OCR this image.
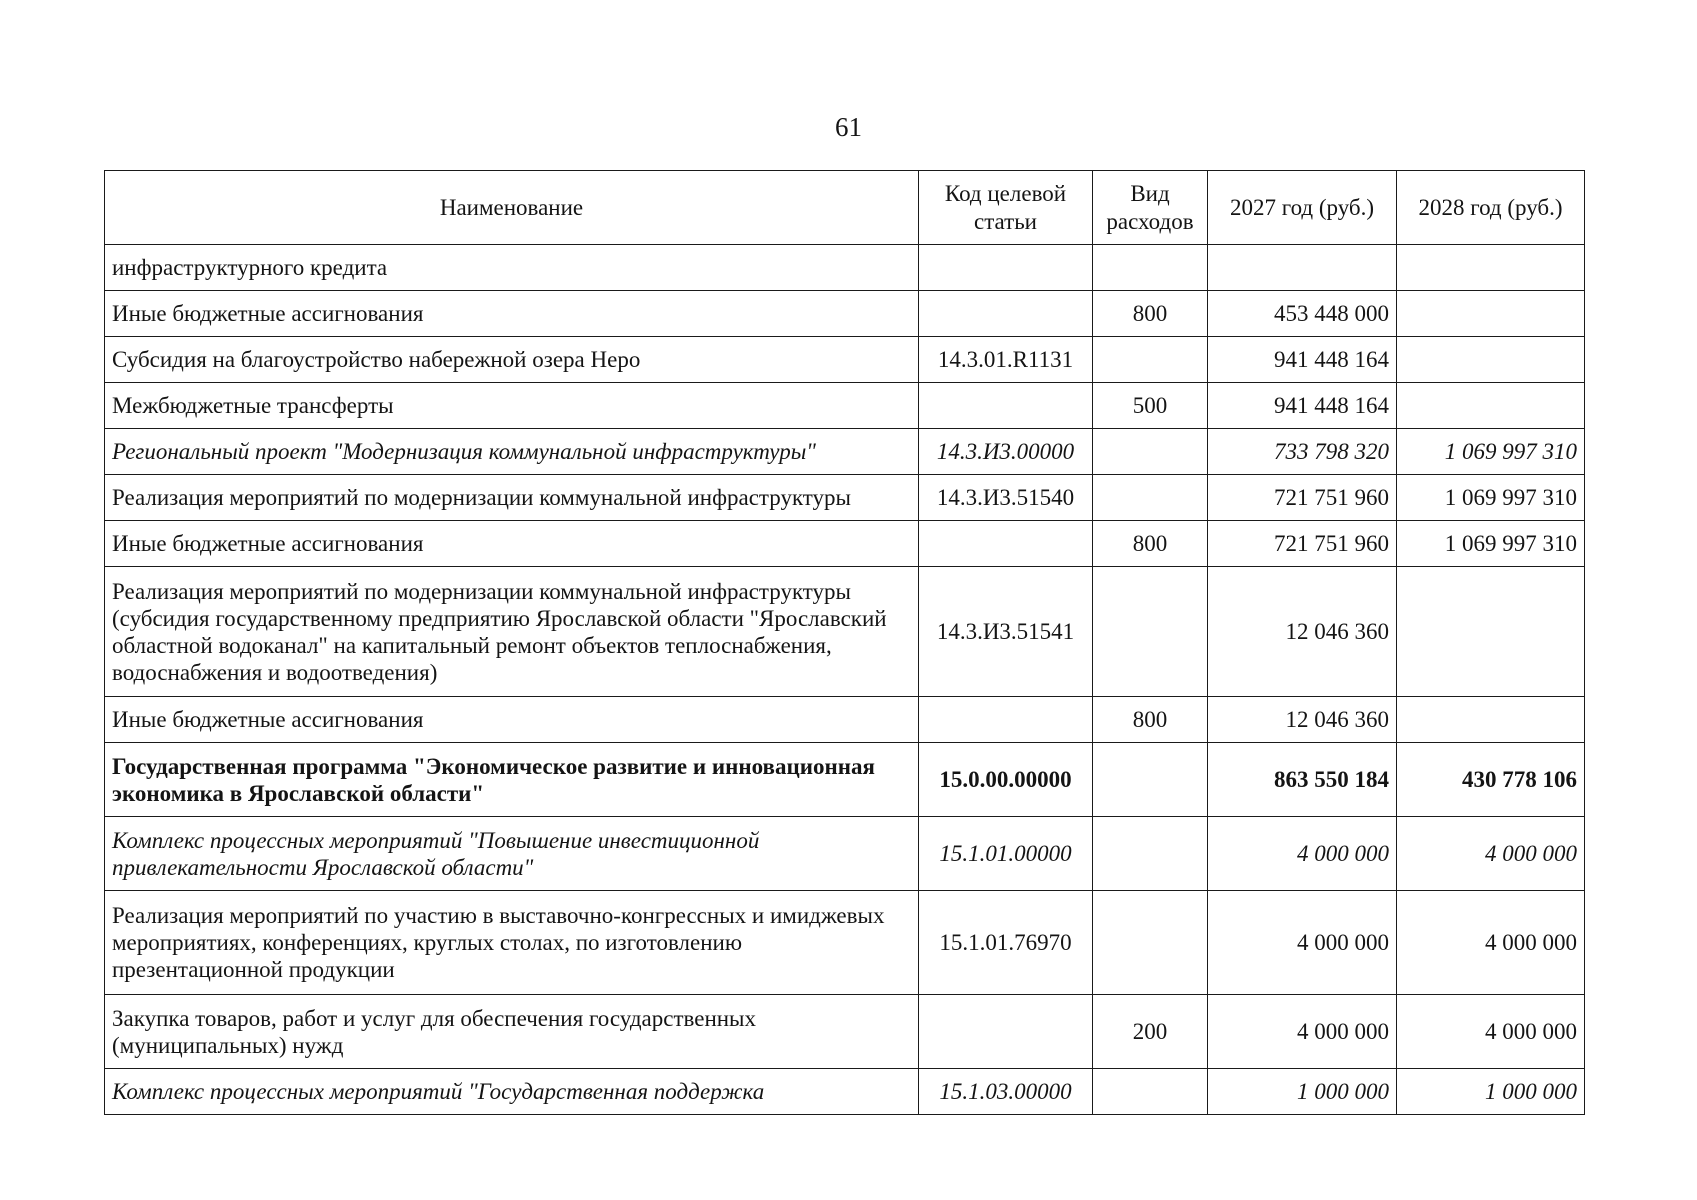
61
Наименование	Код целевой статьи	Вид расходов	2027 год (руб.)	2028 год (руб.)
инфраструктурного кредита				
Иные бюджетные ассигнования		800	453 448 000	
Субсидия на благоустройство набережной озера Неро	14.3.01.R1131		941 448 164	
Межбюджетные трансферты		500	941 448 164	
Региональный проект "Модернизация коммунальной инфраструктуры"	14.3.И3.00000		733 798 320	1 069 997 310
Реализация мероприятий по модернизации коммунальной инфраструктуры	14.3.И3.51540		721 751 960	1 069 997 310
Иные бюджетные ассигнования		800	721 751 960	1 069 997 310
Реализация мероприятий по модернизации коммунальной инфраструктуры (субсидия государственному предприятию Ярославской области "Ярославский областной водоканал" на капитальный ремонт объектов теплоснабжения, водоснабжения и водоотведения)	14.3.И3.51541		12 046 360	
Иные бюджетные ассигнования		800	12 046 360	
Государственная программа "Экономическое развитие и инновационная экономика в Ярославской области"	15.0.00.00000		863 550 184	430 778 106
Комплекс процессных мероприятий "Повышение инвестиционной привлекательности Ярославской области"	15.1.01.00000		4 000 000	4 000 000
Реализация мероприятий по участию в выставочно-конгрессных и имиджевых мероприятиях, конференциях, круглых столах, по изготовлению презентационной продукции	15.1.01.76970		4 000 000	4 000 000
Закупка товаров, работ и услуг для обеспечения государственных (муниципальных) нужд		200	4 000 000	4 000 000
Комплекс процессных мероприятий "Государственная поддержка	15.1.03.00000		1 000 000	1 000 000
